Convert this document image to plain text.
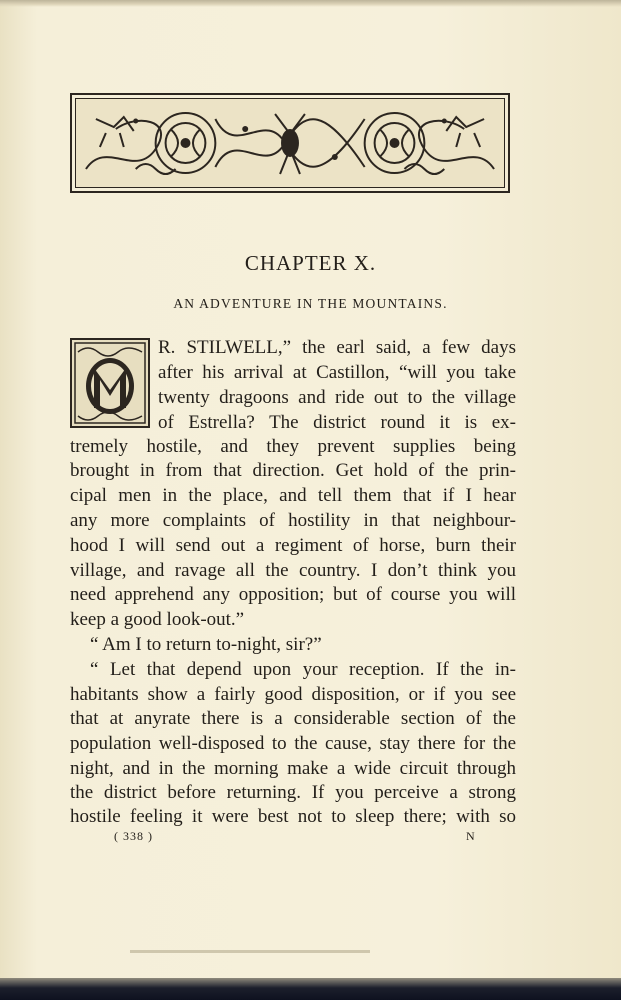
CHAPTER X.
AN ADVENTURE IN THE MOUNTAINS.
R. STILWELL,” the earl said, a few days
after his arrival at Castillon, “will you take
twenty dragoons and ride out to the village
of Estrella? The district round it is ex-
tremely hostile, and they prevent supplies being
brought in from that direction. Get hold of the prin-
cipal men in the place, and tell them that if I hear
any more complaints of hostility in that neighbour-
hood I will send out a regiment of horse, burn their
village, and ravage all the country. I don’t think you
need apprehend any opposition; but of course you will
keep a good look-out.”
“ Am I to return to-night, sir?”
“ Let that depend upon your reception. If the in-
habitants show a fairly good disposition, or if you see
that at anyrate there is a considerable section of the
population well-disposed to the cause, stay there for the
night, and in the morning make a wide circuit through
the district before returning. If you perceive a strong
hostile feeling it were best not to sleep there; with so
( 338 )	N
